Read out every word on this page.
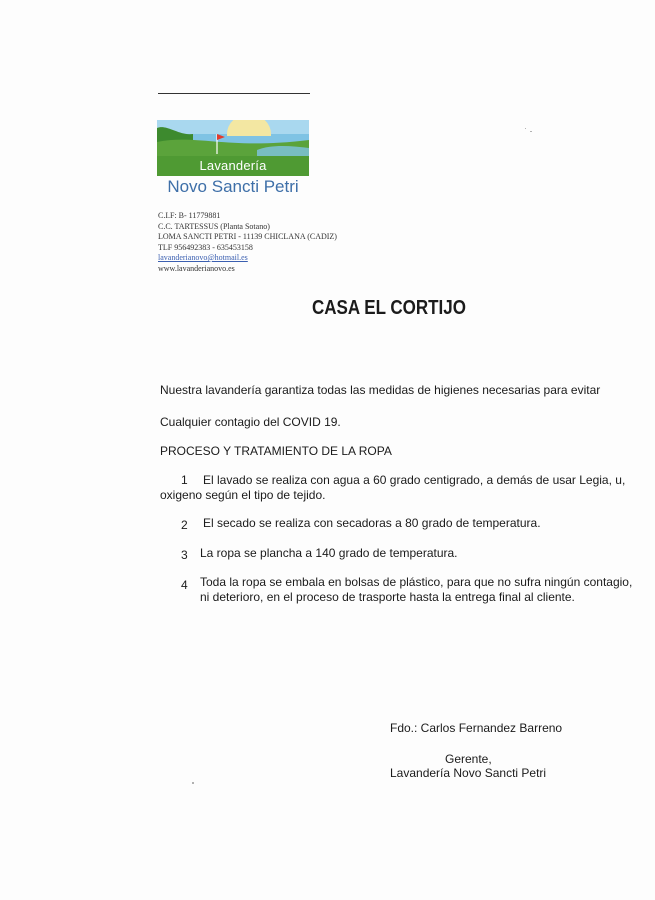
Lavandería
Novo Sancti Petri
C.I.F: B- 11779881
C.C. TARTESSUS (Planta Sotano)
LOMA SANCTI PETRI - 11139 CHICLANA (CADIZ)
TLF 956492383 - 635453158
lavanderianovo@hotmail.es
www.lavanderianovo.es
CASA EL CORTIJO
Nuestra lavandería garantiza todas las medidas de higienes necesarias para evitar
Cualquier contagio del COVID 19.
PROCESO Y TRATAMIENTO DE LA ROPA
1 El lavado se realiza con agua a 60 grado centigrado, a demás de usar Legia, u,
oxigeno según el tipo de tejido.
2 El secado se realiza con secadoras a 80 grado de temperatura.
3 La ropa se plancha a 140 grado de temperatura.
4 Toda la ropa se embala en bolsas de plástico, para que no sufra ningún contagio,
ni deterioro, en el proceso de trasporte hasta la entrega final al cliente.
Fdo.: Carlos Fernandez Barreno
Gerente,
Lavandería Novo Sancti Petri
